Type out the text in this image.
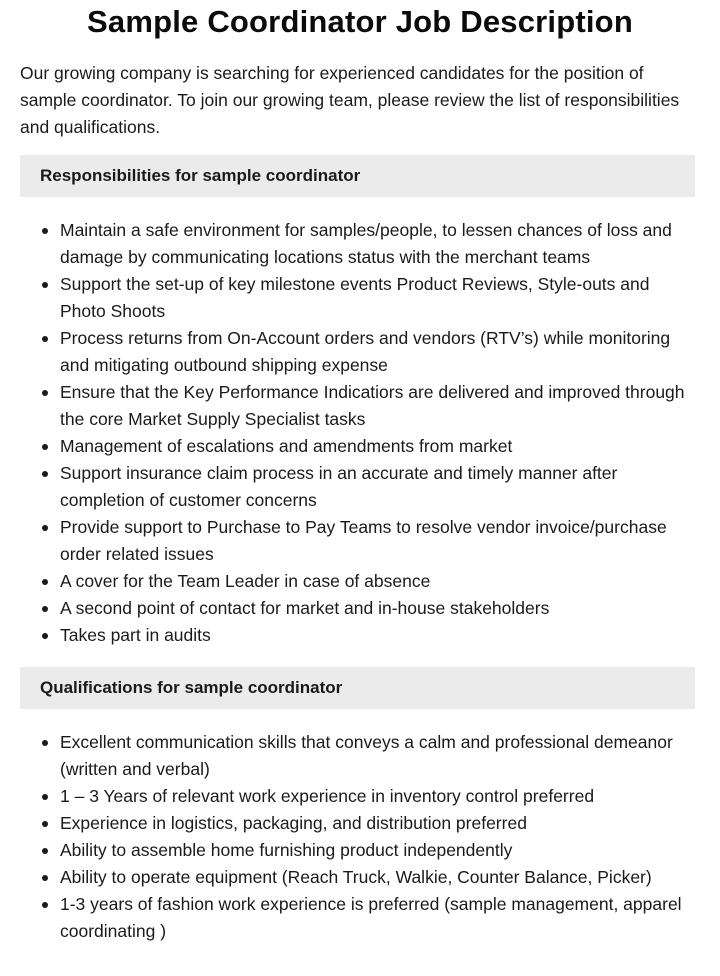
Sample Coordinator Job Description

Our growing company is searching for experienced candidates for the position of sample coordinator. To join our growing team, please review the list of responsibilities and qualifications.

Responsibilities for sample coordinator
Maintain a safe environment for samples/people, to lessen chances of loss and damage by communicating locations status with the merchant teams
Support the set-up of key milestone events Product Reviews, Style-outs and Photo Shoots
Process returns from On-Account orders and vendors (RTV’s) while monitoring and mitigating outbound shipping expense
Ensure that the Key Performance Indicatiors are delivered and improved through the core Market Supply Specialist tasks
Management of escalations and amendments from market
Support insurance claim process in an accurate and timely manner after completion of customer concerns
Provide support to Purchase to Pay Teams to resolve vendor invoice/purchase order related issues
A cover for the Team Leader in case of absence
A second point of contact for market and in-house stakeholders
Takes part in audits
Qualifications for sample coordinator
Excellent communication skills that conveys a calm and professional demeanor (written and verbal)
1 – 3 Years of relevant work experience in inventory control preferred
Experience in logistics, packaging, and distribution preferred
Ability to assemble home furnishing product independently
Ability to operate equipment (Reach Truck, Walkie, Counter Balance, Picker)
1-3 years of fashion work experience is preferred (sample management, apparel coordinating )
